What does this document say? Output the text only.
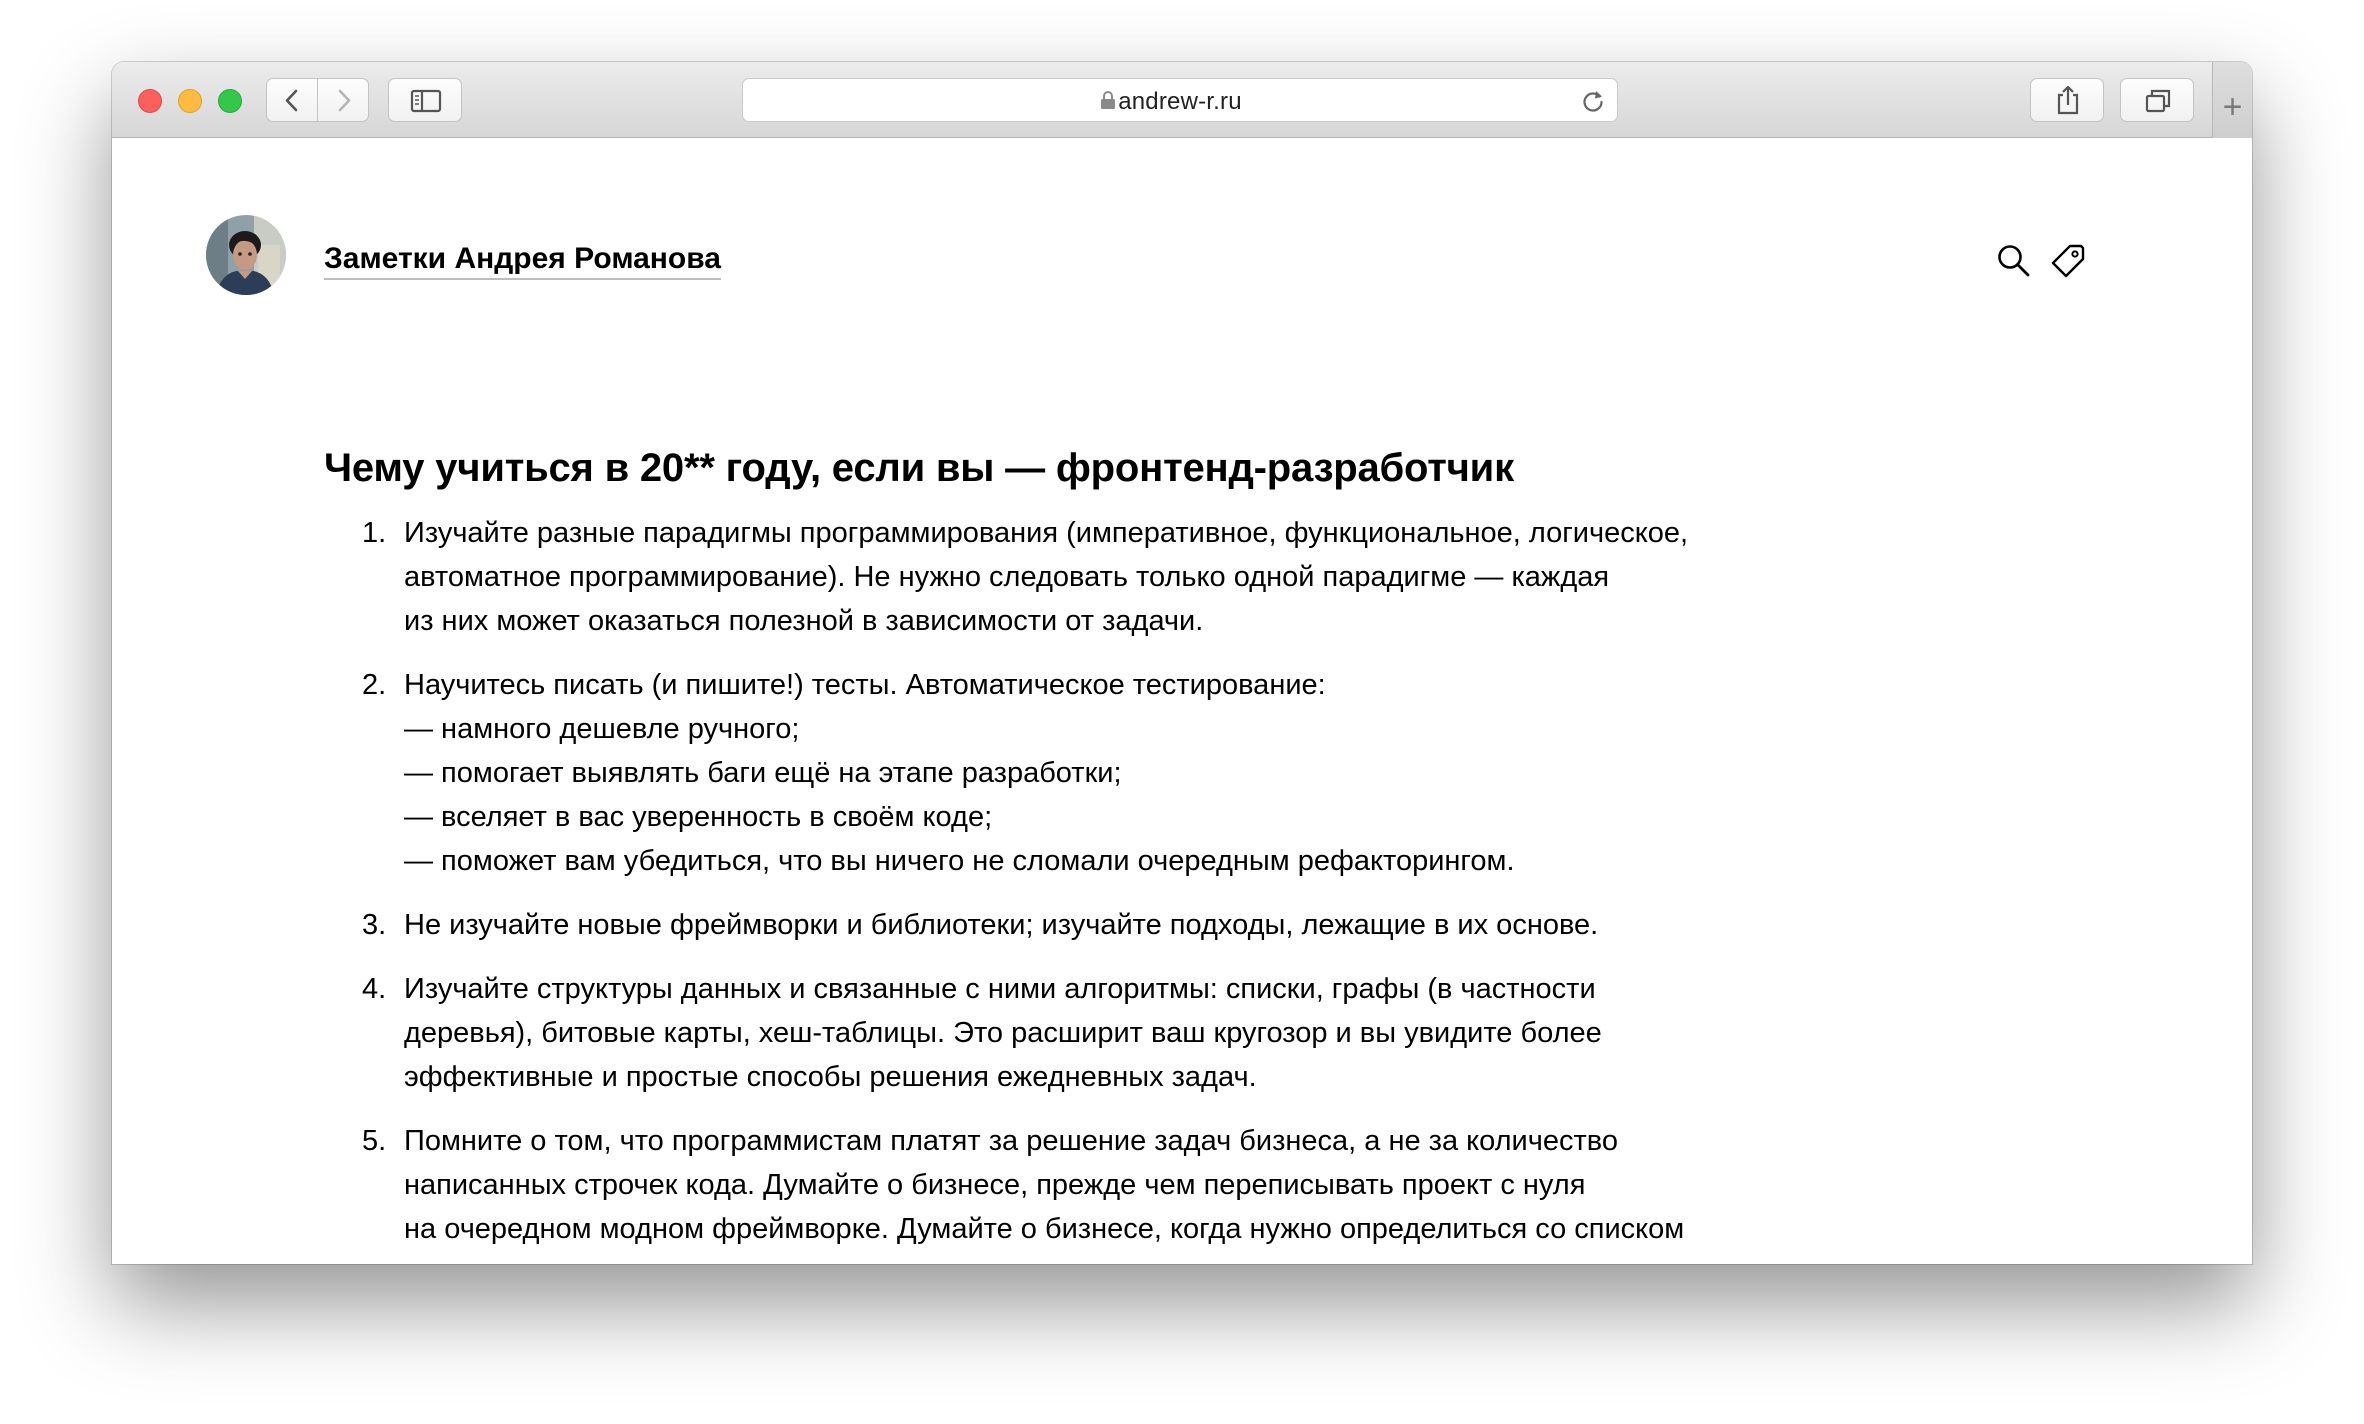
andrew-r.ru	+
Заметки Андрея Романова
Чему учиться в 20** году, если вы — фронтенд-разработчик
1. Изучайте разные парадигмы программирования (императивное, функциональное, логическое,
автоматное программирование). Не нужно следовать только одной парадигме — каждая
из них может оказаться полезной в зависимости от задачи.
2. Научитесь писать (и пишите!) тесты. Автоматическое тестирование:
— намного дешевле ручного;
— помогает выявлять баги ещё на этапе разработки;
— вселяет в вас уверенность в своём коде;
— поможет вам убедиться, что вы ничего не сломали очередным рефакторингом.
3. Не изучайте новые фреймворки и библиотеки; изучайте подходы, лежащие в их основе.
4. Изучайте структуры данных и связанные с ними алгоритмы: списки, графы (в частности
деревья), битовые карты, хеш-таблицы. Это расширит ваш кругозор и вы увидите более
эффективные и простые способы решения ежедневных задач.
5. Помните о том, что программистам платят за решение задач бизнеса, а не за количество
написанных строчек кода. Думайте о бизнесе, прежде чем переписывать проект с нуля
на очередном модном фреймворке. Думайте о бизнесе, когда нужно определиться со списком
